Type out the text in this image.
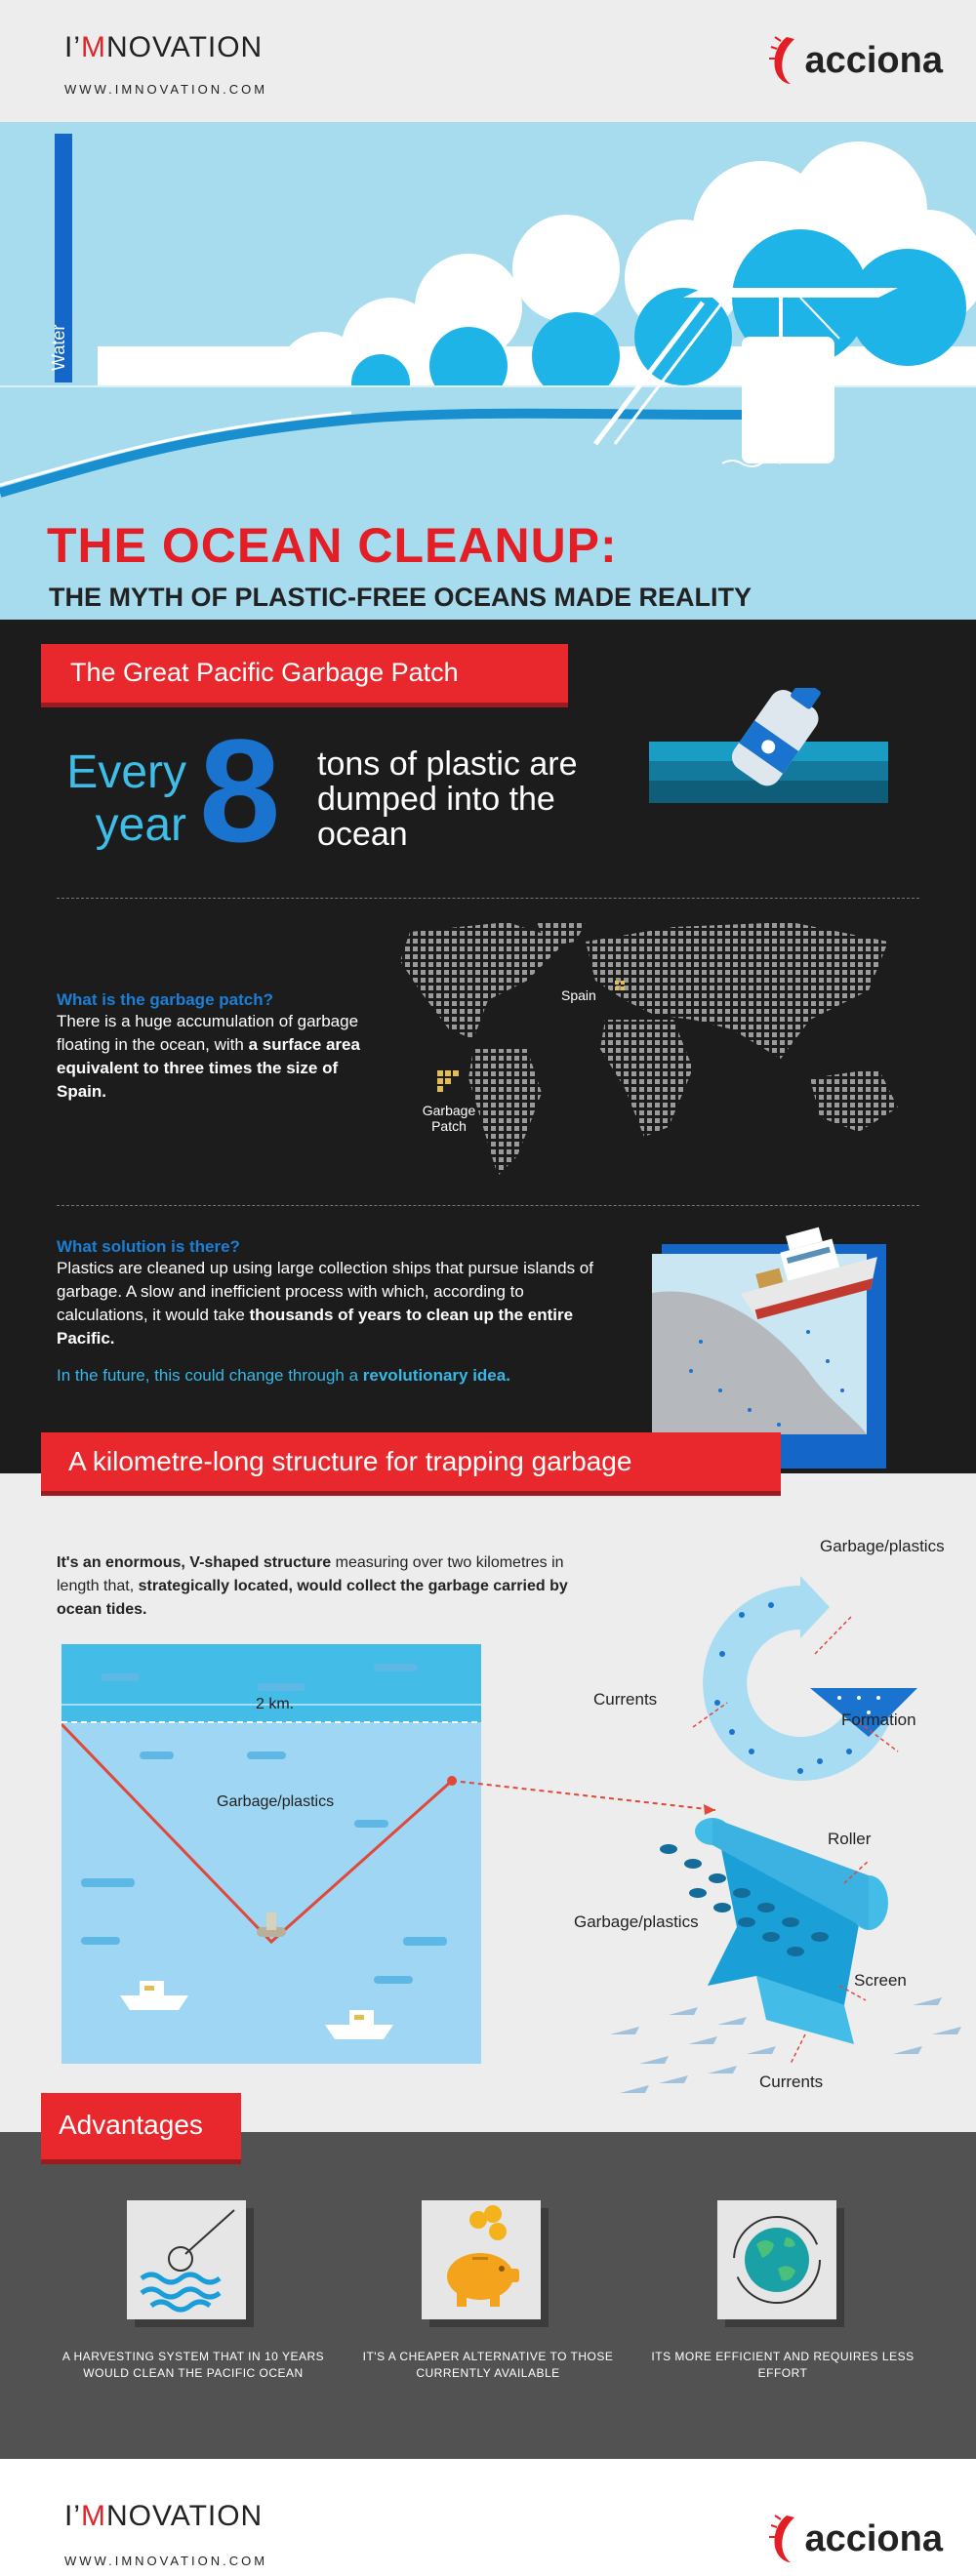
I’MNOVATION
WWW.IMNOVATION.COM
acciona
Water
THE OCEAN CLEANUP:
THE MYTH OF PLASTIC-FREE OCEANS MADE REALITY
The Great Pacific Garbage Patch
Every
year 8 tons of plastic are dumped into the ocean
What is the garbage patch?
There is a huge accumulation of garbage floating in the ocean, with a surface area equivalent to three times the size of Spain.
Spain
Garbage Patch
What solution is there?
Plastics are cleaned up using large collection ships that pursue islands of garbage. A slow and inefficient process with which, according to calculations, it would take thousands of years to clean up the entire Pacific.
In the future, this could change through a revolutionary idea.
A kilometre-long structure for trapping garbage
It's an enormous, V-shaped structure measuring over two kilometres in length that, strategically located, would collect the garbage carried by ocean tides.
2 km.
Garbage/plastics
Garbage/plastics
Currents
Formation
Roller
Garbage/plastics
Screen
Currents
Advantages
A HARVESTING SYSTEM THAT IN 10 YEARS WOULD CLEAN THE PACIFIC OCEAN
IT'S A CHEAPER ALTERNATIVE TO THOSE CURRENTLY AVAILABLE
ITS MORE EFFICIENT AND REQUIRES LESS EFFORT
I’MNOVATION
WWW.IMNOVATION.COM
acciona
